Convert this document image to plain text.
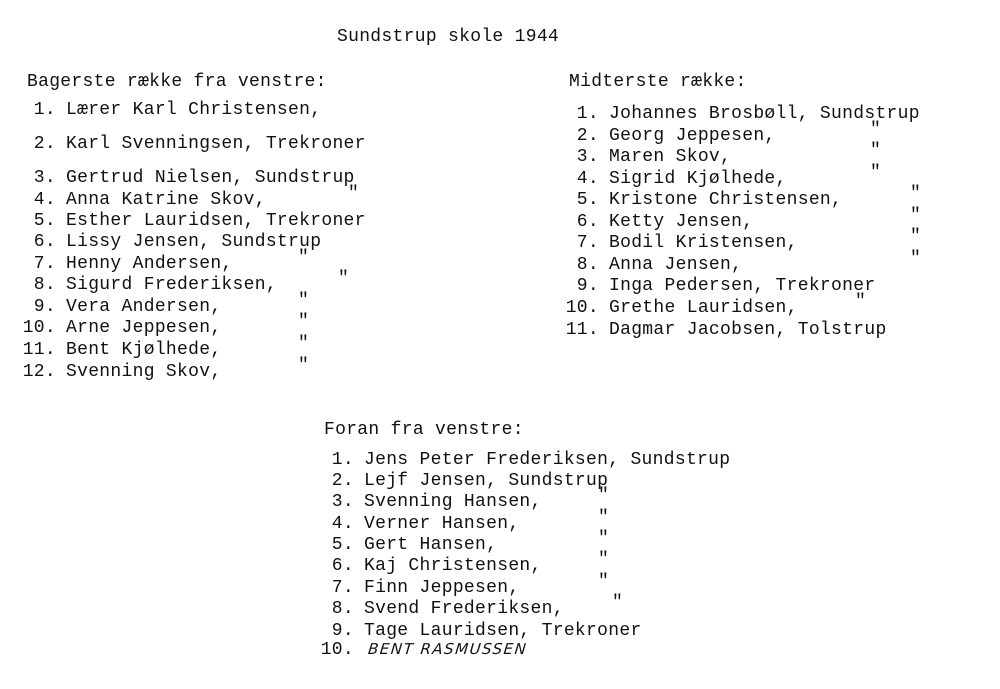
Sundstrup skole 1944
Bagerste række fra venstre:
1. Lærer Karl Christensen,
2. Karl Svenningsen, Trekroner
3. Gertrud Nielsen, Sundstrup
4. Anna Katrine Skov,	"
5. Esther Lauridsen, Trekroner
6. Lissy Jensen, Sundstrup
7. Henny Andersen,	"
8. Sigurd Frederiksen,	"
9. Vera Andersen,	"
10. Arne Jeppesen,	"
11. Bent Kjølhede,	"
12. Svenning Skov,	"
Midterste række:
1. Johannes Brosbøll, Sundstrup
2. Georg Jeppesen,	"
3. Maren Skov,	"
4. Sigrid Kjølhede,	"
5. Kristone Christensen,	"
6. Ketty Jensen,	"
7. Bodil Kristensen,	"
8. Anna Jensen,	"
9. Inga Pedersen, Trekroner
10. Grethe Lauridsen,	"
11. Dagmar Jacobsen, Tolstrup
Foran fra venstre:
1. Jens Peter Frederiksen, Sundstrup
2. Lejf Jensen, Sundstrup
3. Svenning Hansen,	"
4. Verner Hansen,	"
5. Gert Hansen,	"
6. Kaj Christensen,	"
7. Finn Jeppesen,	"
8. Svend Frederiksen,	"
9. Tage Lauridsen, Trekroner
10. BENT RASMUSSEN
